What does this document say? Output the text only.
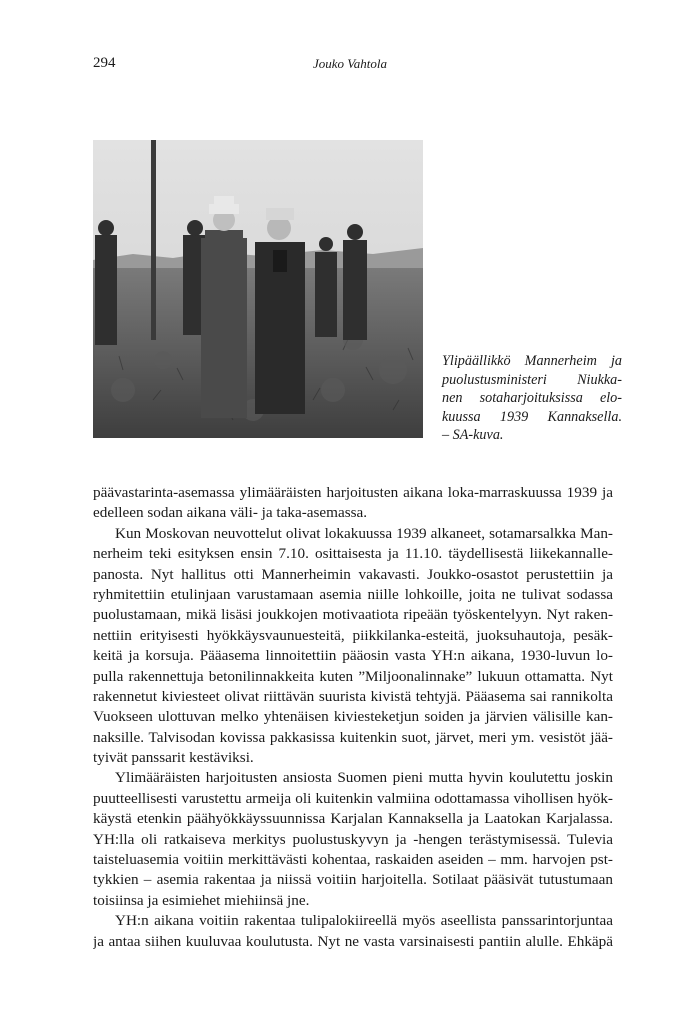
294	Jouko Vahtola
Ylipäällikkö Mannerheim ja
puolustusministeri Niukka-
nen sotaharjoituksissa elo-
kuussa 1939 Kannaksella.
– SA-kuva.
päävastarinta-asemassa ylimääräisten harjoitusten aikana loka-marraskuussa 1939 ja
edelleen sodan aikana väli- ja taka-asemassa.
Kun Moskovan neuvottelut olivat lokakuussa 1939 alkaneet, sotamarsalkka Man-
nerheim teki esityksen ensin 7.10. osittaisesta ja 11.10. täydellisestä liikekannalle-
panosta. Nyt hallitus otti Mannerheimin vakavasti. Joukko-osastot perustettiin ja
ryhmitettiin etulinjaan varustamaan asemia niille lohkoille, joita ne tulivat sodassa
puolustamaan, mikä lisäsi joukkojen motivaatiota ripeään työskentelyyn. Nyt raken-
nettiin erityisesti hyökkäysvaunuesteitä, piikkilanka-esteitä, juoksuhautoja, pesäk-
keitä ja korsuja. Pääasema linnoitettiin pääosin vasta YH:n aikana, 1930-luvun lo-
pulla rakennettuja betonilinnakkeita kuten ”Miljoonalinnake” lukuun ottamatta. Nyt
rakennetut kiviesteet olivat riittävän suurista kivistä tehtyjä. Pääasema sai rannikolta
Vuokseen ulottuvan melko yhtenäisen kiviesteketjun soiden ja järvien välisille kan-
naksille. Talvisodan kovissa pakkasissa kuitenkin suot, järvet, meri ym. vesistöt jää-
tyivät panssarit kestäviksi.
Ylimääräisten harjoitusten ansiosta Suomen pieni mutta hyvin koulutettu joskin
puutteellisesti varustettu armeija oli kuitenkin valmiina odottamassa vihollisen hyök-
käystä etenkin päähyökkäyssuunnissa Karjalan Kannaksella ja Laatokan Karjalassa.
YH:lla oli ratkaiseva merkitys puolustuskyvyn ja -hengen terästymisessä. Tulevia
taisteluasemia voitiin merkittävästi kohentaa, raskaiden aseiden – mm. harvojen pst-
tykkien – asemia rakentaa ja niissä voitiin harjoitella. Sotilaat pääsivät tutustumaan
toisiinsa ja esimiehet miehiinsä jne.
YH:n aikana voitiin rakentaa tulipalokiireellä myös aseellista panssarintorjuntaa
ja antaa siihen kuuluvaa koulutusta. Nyt ne vasta varsinaisesti pantiin alulle. Ehkäpä
